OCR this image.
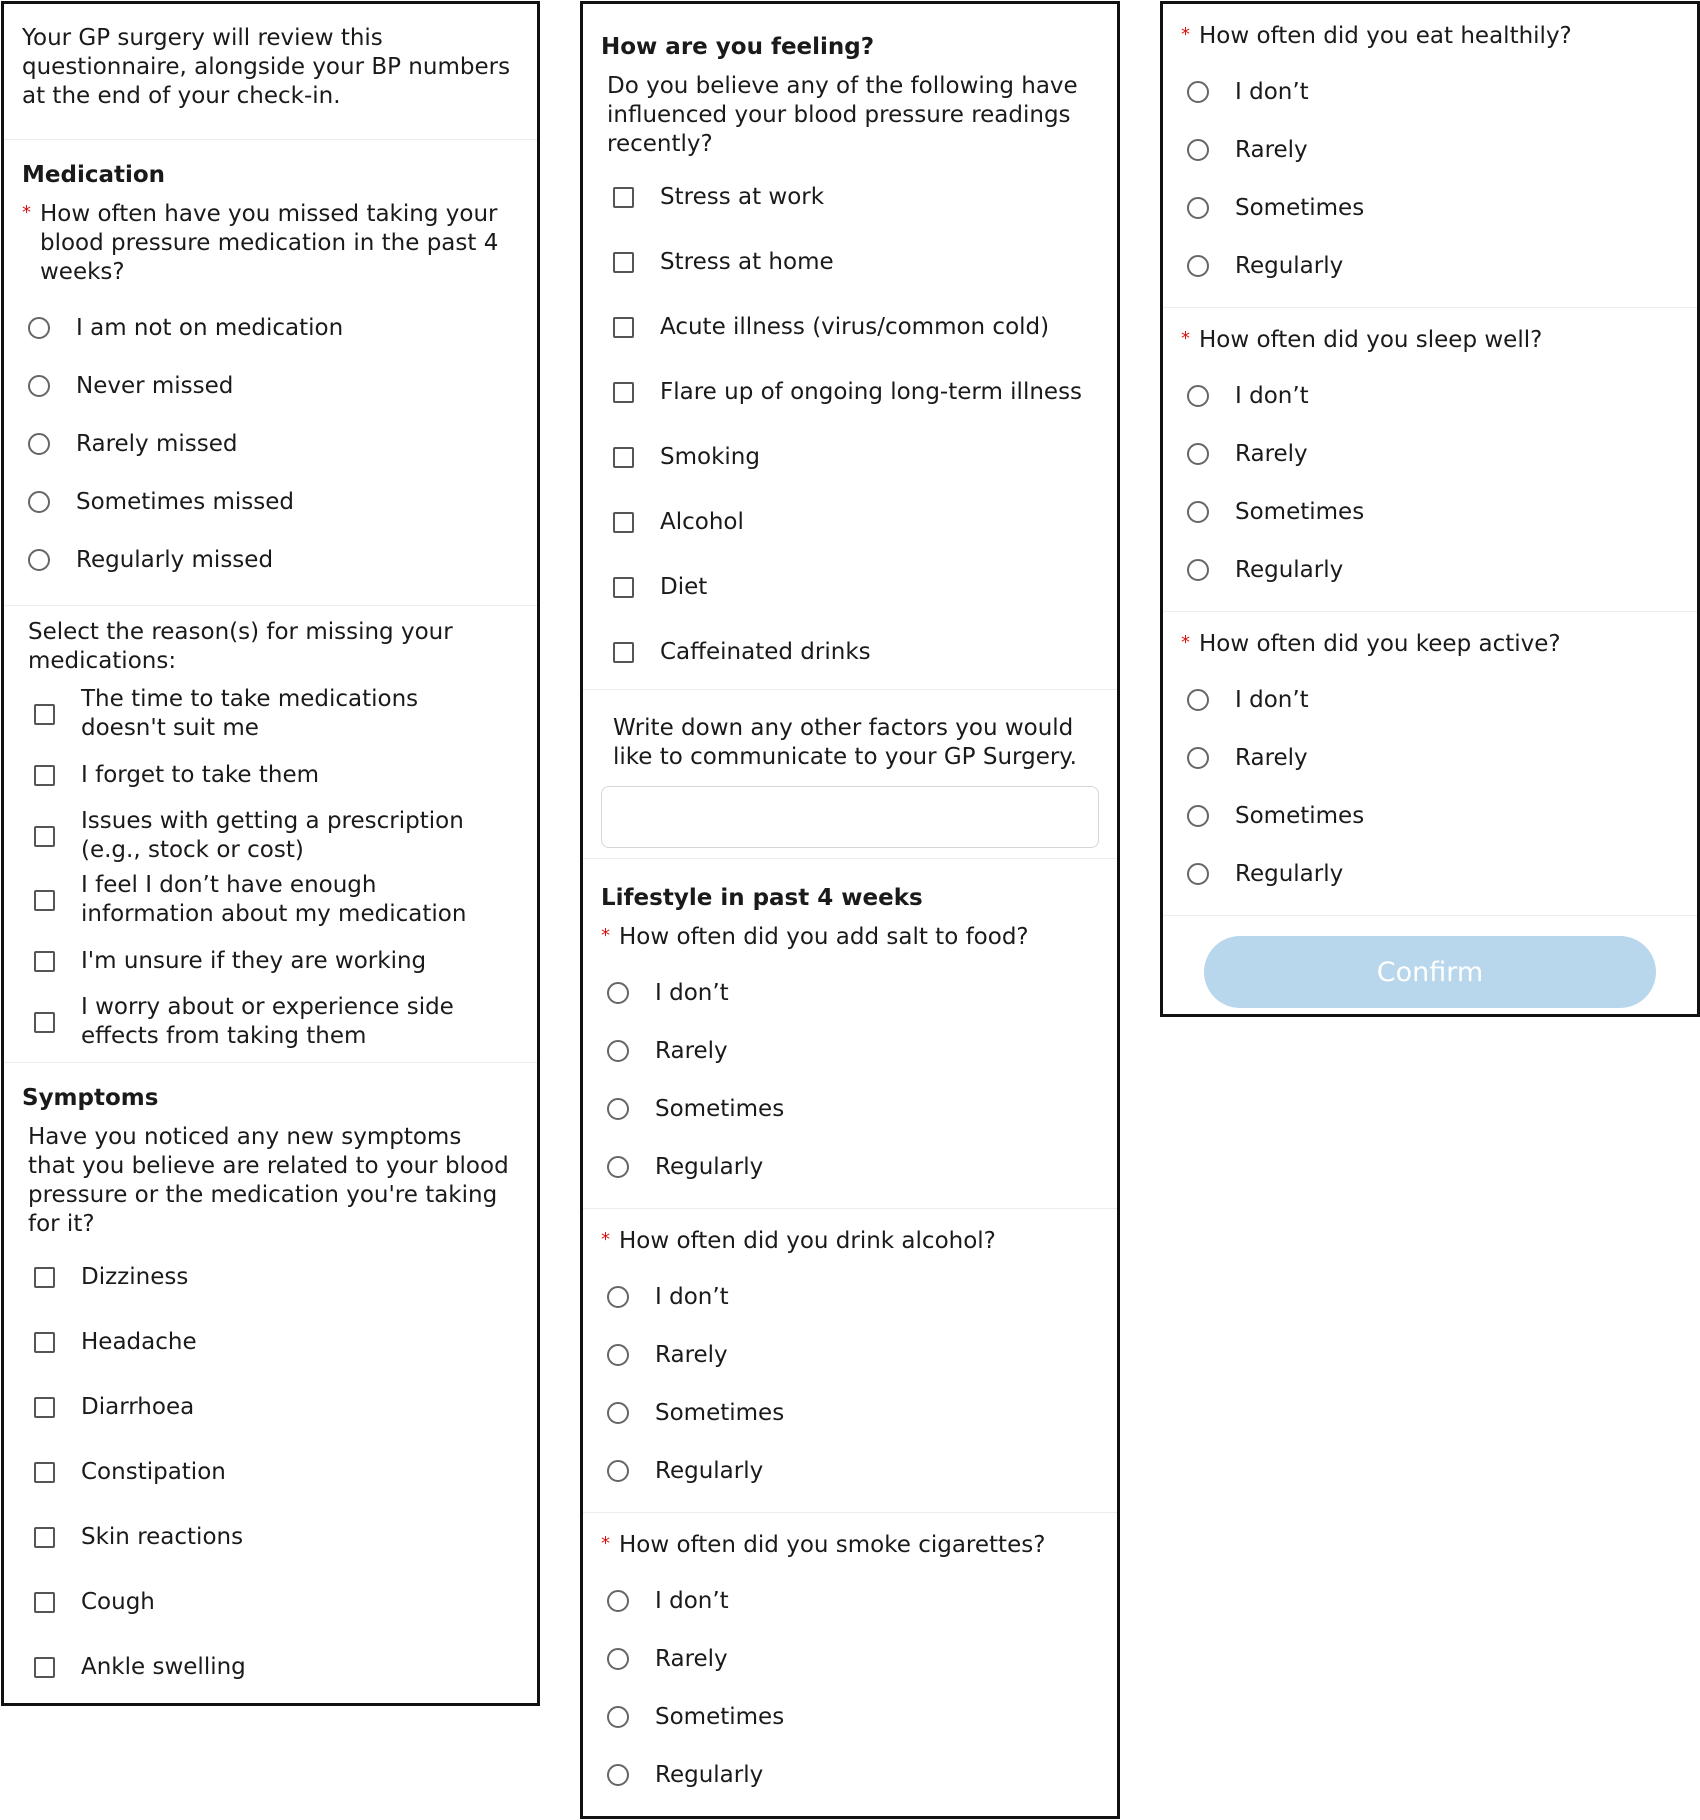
Your GP surgery will review this questionnaire, alongside your BP numbers at the end of your check-in.
Medication
* How often have you missed taking your blood pressure medication in the past 4 weeks?
I am not on medication
Never missed
Rarely missed
Sometimes missed
Regularly missed
Select the reason(s) for missing your medications:
The time to take medications doesn't suit me
I forget to take them
Issues with getting a prescription (e.g., stock or cost)
I feel I don’t have enough information about my medication
I'm unsure if they are working
I worry about or experience side effects from taking them
Symptoms
Have you noticed any new symptoms that you believe are related to your blood pressure or the medication you're taking for it?
Dizziness
Headache
Diarrhoea
Constipation
Skin reactions
Cough
Ankle swelling
How are you feeling?
Do you believe any of the following have influenced your blood pressure readings recently?
Stress at work
Stress at home
Acute illness (virus/common cold)
Flare up of ongoing long-term illness
Smoking
Alcohol
Diet
Caffeinated drinks
Write down any other factors you would like to communicate to your GP Surgery.
Lifestyle in past 4 weeks
* How often did you add salt to food?
I don’t
Rarely
Sometimes
Regularly
* How often did you drink alcohol?
I don’t
Rarely
Sometimes
Regularly
* How often did you smoke cigarettes?
I don’t
Rarely
Sometimes
Regularly
* How often did you eat healthily?
I don’t
Rarely
Sometimes
Regularly
* How often did you sleep well?
I don’t
Rarely
Sometimes
Regularly
* How often did you keep active?
I don’t
Rarely
Sometimes
Regularly
Confirm
